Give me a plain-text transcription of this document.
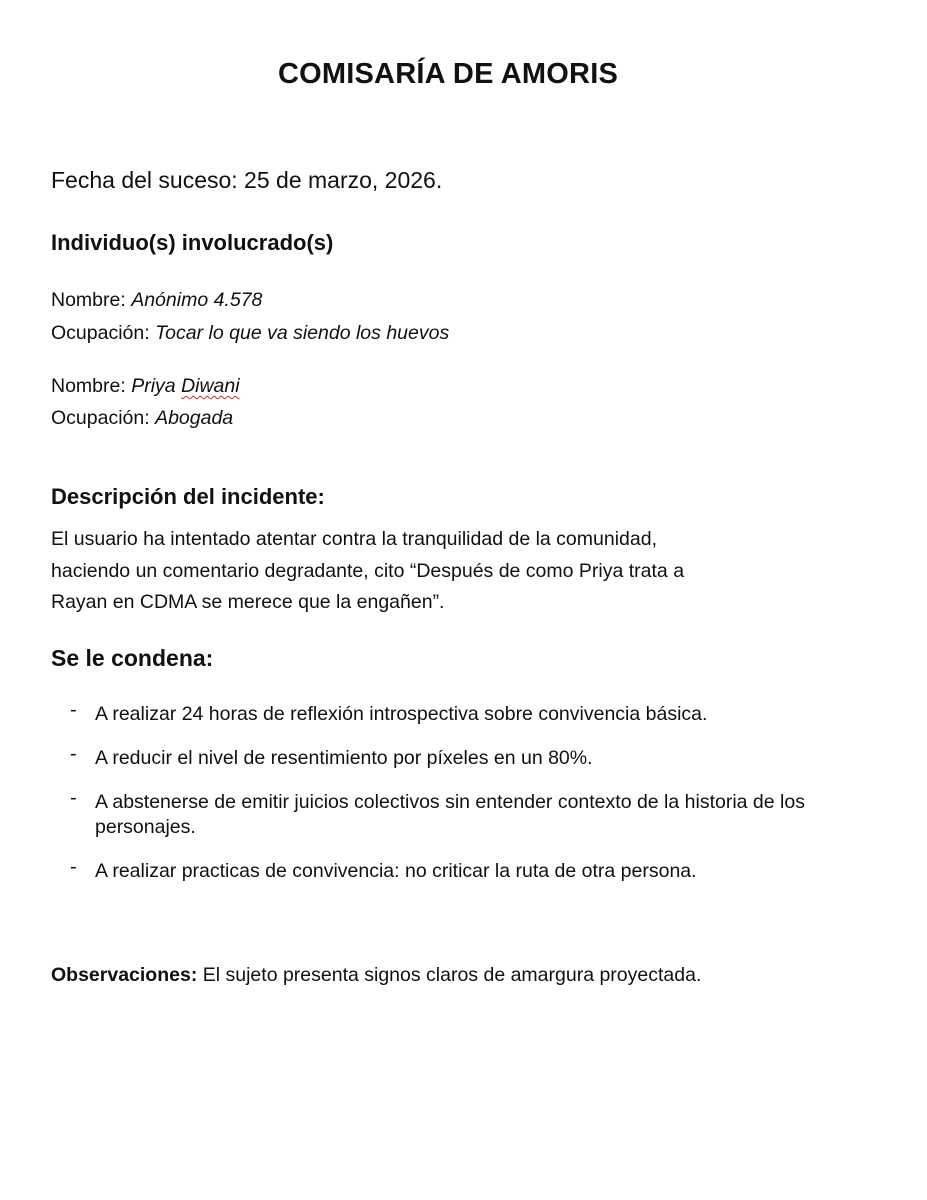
COMISARÍA DE AMORIS
Fecha del suceso: 25 de marzo, 2026.
Individuo(s) involucrado(s)
Nombre: Anónimo 4.578
Ocupación: Tocar lo que va siendo los huevos
Nombre: Priya Diwani
Ocupación: Abogada
Descripción del incidente:
El usuario ha intentado atentar contra la tranquilidad de la comunidad,
haciendo un comentario degradante, cito “Después de como Priya trata a
Rayan en CDMA se merece que la engañen”.
Se le condena:
- A realizar 24 horas de reflexión introspectiva sobre convivencia básica.
- A reducir el nivel de resentimiento por píxeles en un 80%.
- A abstenerse de emitir juicios colectivos sin entender contexto de la historia de los personajes.
- A realizar practicas de convivencia: no criticar la ruta de otra persona.
Observaciones: El sujeto presenta signos claros de amargura proyectada.
